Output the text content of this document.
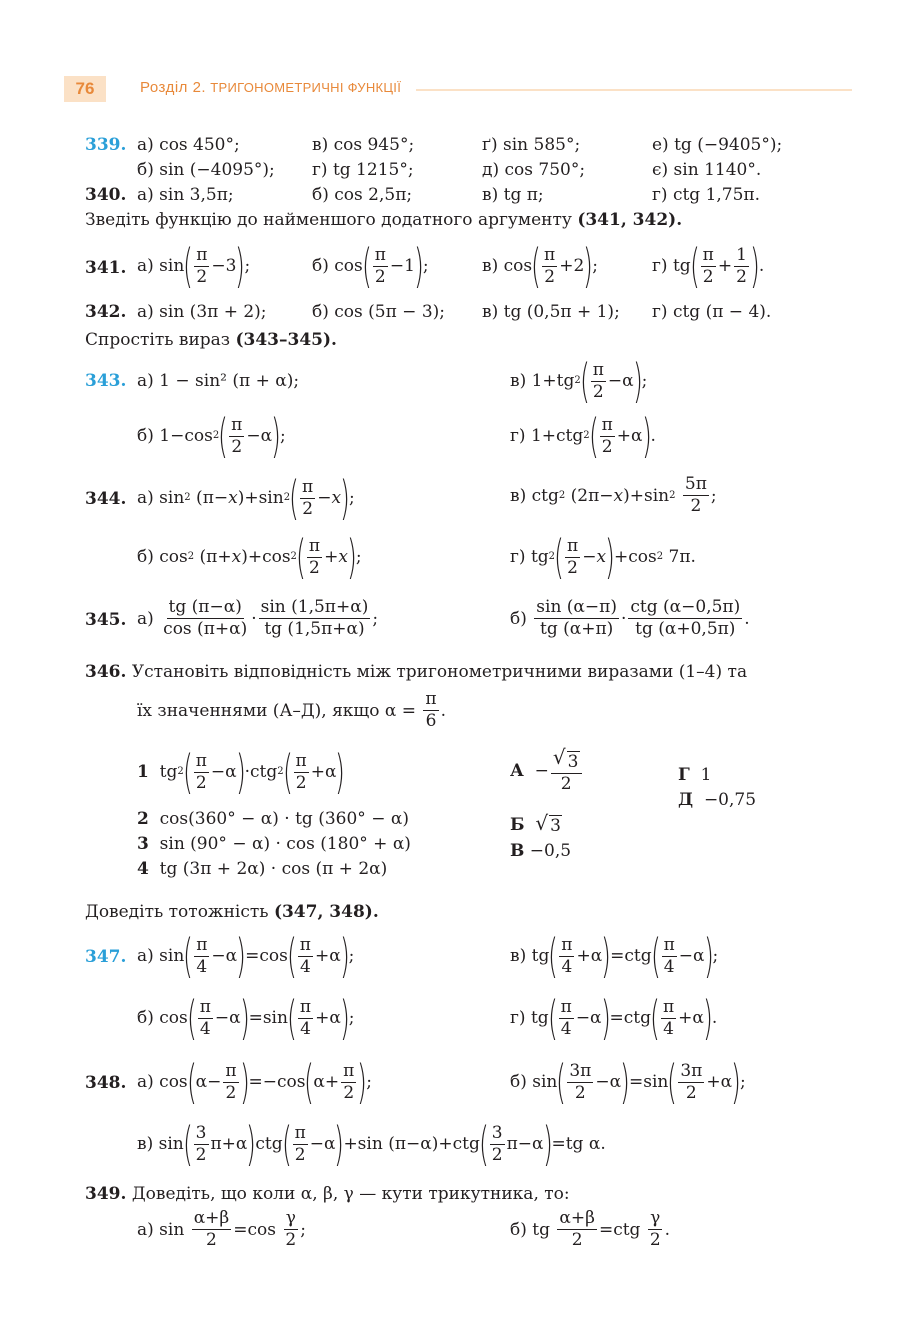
76	Розділ 2. ТРИГОНОМЕТРИЧНІ ФУНКЦІЇ
339. а) cos 450°;	в) cos 945°;	ґ) sin 585°;	е) tg (−9405°);
б) sin (−4095°); г) tg 1215°;	д) cos 750°;	є) sin 1140°.
340. а) sin 3,5π;	б) cos 2,5π;	в) tg π;	г) ctg 1,75π.
Зведіть функцію до найменшого додатного аргументу (341, 342).
341. а) sin ( π
2
−3 ) ;	б) cos ( π
2
−1 ) ;	в) cos ( π
2
+2 ) ;	г) tg ( π
2
+
1
2 ) .
342. а) sin (3π + 2);	б) cos (5π − 3); в) tg (0,5π + 1); г) ctg (π − 4).
Спростіть вираз (343–345).
343. а) 1 − sin² (π + α);	в) 1+tg 2 ( π
2
−α ) ;
б) 1−cos 2 ( π
2
−α ) ;	г) 1+ctg 2 ( π
2
+α ) .
344. а) sin 2 (π− x )+sin 2 ( π
2
− x ) ;	в) ctg 2 (2π− x )+sin 2

5π
2
;
б) cos 2 (π+ x )+cos 2 ( π
2
+ x ) ;	г) tg 2 ( π
2
− x ) +cos 2 7π.
345. а)
tg (π−α)
cos (π+α)
·
sin (1,5π+α)
tg (1,5π+α)
;	б)
sin (α−π)
tg (α+π)
·
ctg (α−0,5π)
tg (α+0,5π)
.
346. Установіть відповідність між тригонометричними виразами (1–4) та
їх значеннями (А–Д), якщо α =
π
6
.
1 tg 2 ( π
2
−α ) ·ctg 2 ( π
2
+α )
2 cos(360° − α) · tg (360° − α)
3 sin (90° − α) · cos (180° + α)
4 tg (3π + 2α) · cos (π + 2α)
А −
√ 3
2
Б √ 3
В −0,5
Г 1
Д −0,75
Доведіть тотожність (347, 348).
347. а) sin ( π
4
−α ) =cos ( π
4
+α ) ;	в) tg ( π
4
+α ) =ctg ( π
4
−α ) ;
б) cos ( π
4
−α ) =sin ( π
4
+α ) ;	г) tg ( π
4
−α ) =ctg ( π
4
+α ) .
348. а) cos ( α−
π
2 ) =−cos ( α+
π
2 ) ;	б) sin ( 3π
2
−α ) =sin ( 3π
2
+α ) ;
в) sin ( 3
2
π+α ) ctg ( π
2
−α ) +sin (π−α)+ctg ( 3
2
π−α ) =tg α.
349. Доведіть, що коли α, β, γ — кути трикутника, то:
а) sin
α+β
2
=cos
γ
2
;	б) tg
α+β
2
=ctg
γ
2
.
